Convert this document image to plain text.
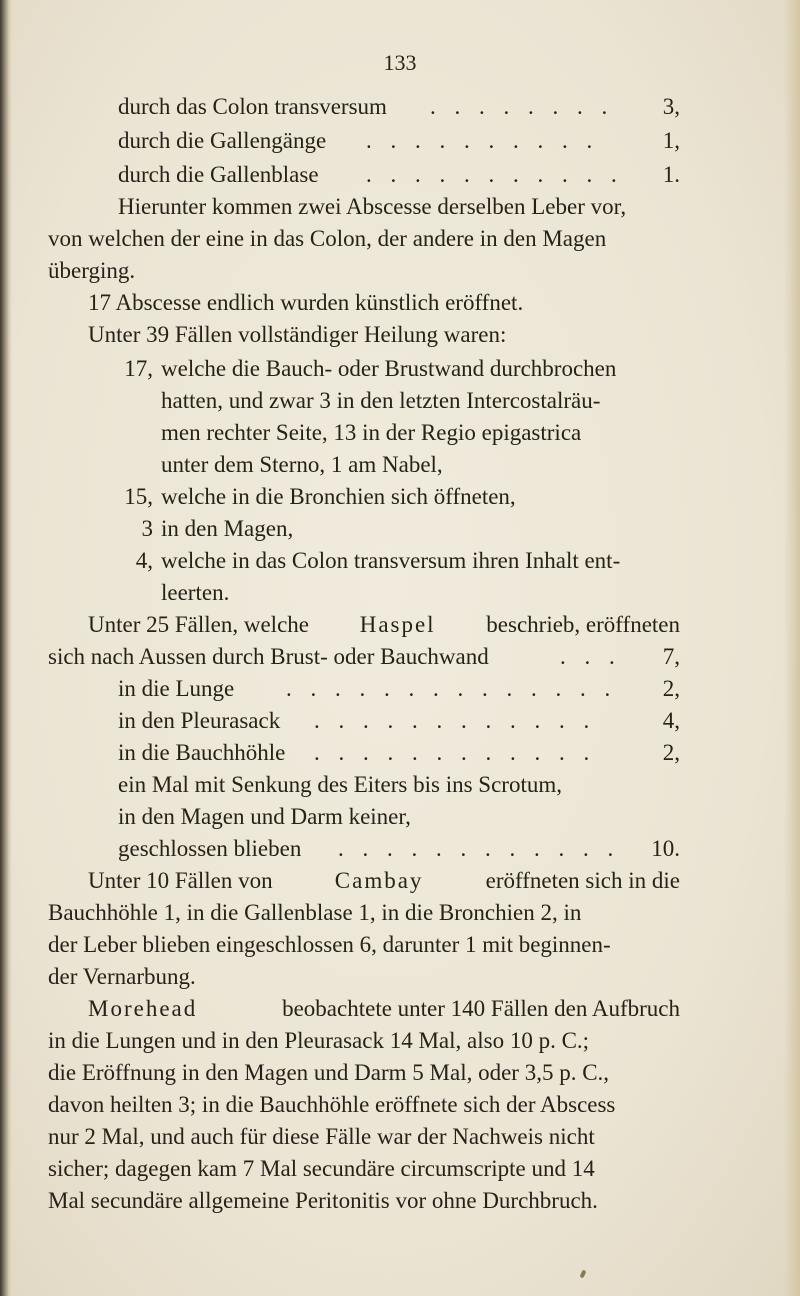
133
durch das Colon transversum . . . . . . . . 3,
durch die Gallengänge . . . . . . . . . .	1,
durch die Gallenblase . . . . . . . . . . . 1.
Hierunter kommen zwei Abscesse derselben Leber vor,
von welchen der eine in das Colon, der andere in den Magen
überging.
17 Abscesse endlich wurden künstlich eröffnet.
Unter 39 Fällen vollständiger Heilung waren:
17, welche die Bauch- oder Brustwand durchbrochen
hatten, und zwar 3 in den letzten Intercostalräu-
men rechter Seite, 13 in der Regio epigastrica
unter dem Sterno, 1 am Nabel,
15, welche in die Bronchien sich öffneten,
3 in den Magen,
4, welche in das Colon transversum ihren Inhalt ent-
leerten.
Unter 25 Fällen, welche Haspel beschrieb, eröffneten
sich nach Aussen durch Brust- oder Bauchwand	. . . 7,
in die Lunge . . . . . . . . . . . . . . 2,
in den Pleurasack . . . . . . . . . . . .	4,
in die Bauchhöhle . . . . . . . . . . . .	2,
ein Mal mit Senkung des Eiters bis ins Scrotum,
in den Magen und Darm keiner,
geschlossen blieben . . . . . . . . . . . . 10.
Unter 10 Fällen von	Cambay	eröffneten sich in die
Bauchhöhle 1, in die Gallenblase 1, in die Bronchien 2, in
der Leber blieben eingeschlossen 6, darunter 1 mit beginnen-
der Vernarbung.
Morehead	beobachtete unter 140 Fällen den Aufbruch
in die Lungen und in den Pleurasack 14 Mal, also 10 p. C.;
die Eröffnung in den Magen und Darm 5 Mal, oder 3,5 p. C.,
davon heilten 3; in die Bauchhöhle eröffnete sich der Abscess
nur 2 Mal, und auch für diese Fälle war der Nachweis nicht
sicher; dagegen kam 7 Mal secundäre circumscripte und 14
Mal secundäre allgemeine Peritonitis vor ohne Durchbruch.
